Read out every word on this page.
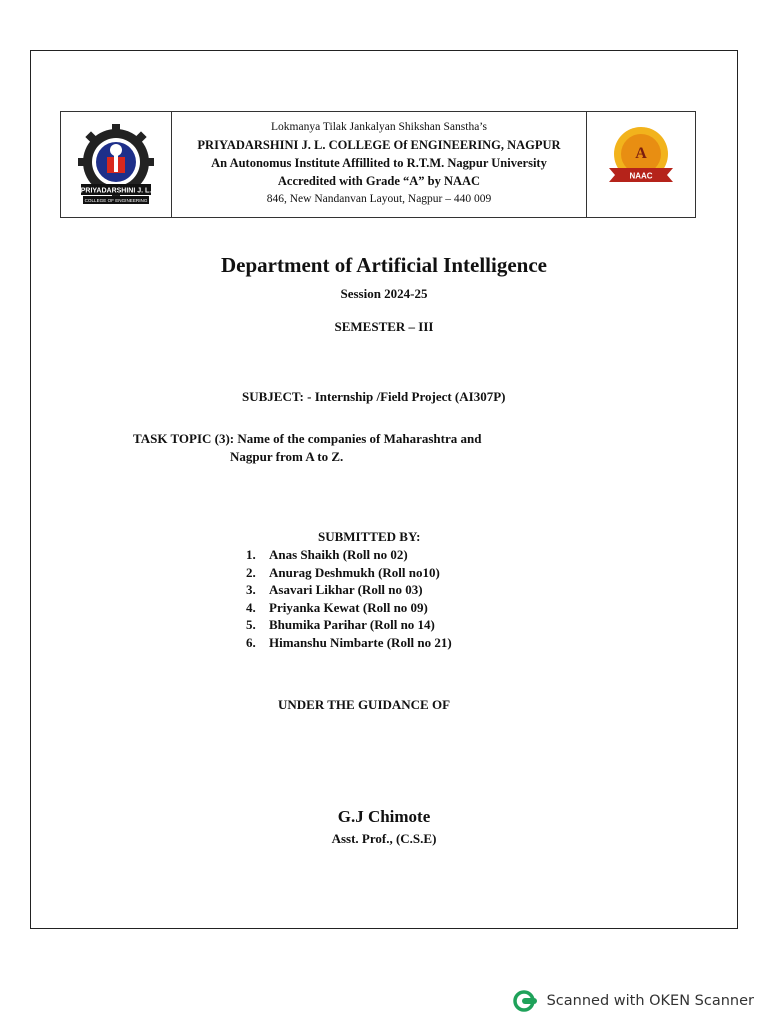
PRIYADARSHINI J. L.
COLLEGE OF ENGINEERING
Lokmanya Tilak Jankalyan Shikshan Sanstha’s
PRIYADARSHINI J. L. COLLEGE Of ENGINEERING, NAGPUR
An Autonomus Institute Affillited to R.T.M. Nagpur University
Accredited with Grade “A” by NAAC
846, New Nandanvan Layout, Nagpur – 440 009
A
NAAC
Department of Artificial Intelligence
Session 2024-25
SEMESTER – III
SUBJECT: - Internship /Field Project (AI307P)
TASK TOPIC (3): Name of the companies of Maharashtra and
Nagpur from A to Z.
SUBMITTED BY:
1. Anas Shaikh (Roll no 02)
2. Anurag Deshmukh (Roll no10)
3. Asavari Likhar (Roll no 03)
4. Priyanka Kewat (Roll no 09)
5. Bhumika Parihar (Roll no 14)
6. Himanshu Nimbarte (Roll no 21)
UNDER THE GUIDANCE OF
G.J Chimote
Asst. Prof., (C.S.E)
Scanned with OKEN Scanner
